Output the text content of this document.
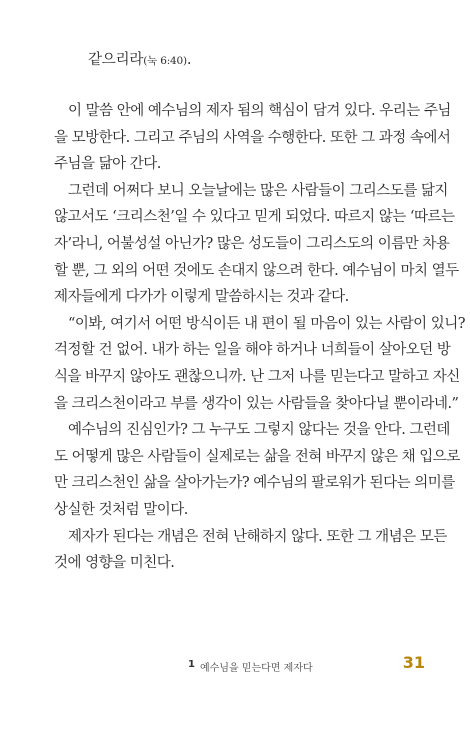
같으리라(눅 6:40).
이 말씀 안에 예수님의 제자 됨의 핵심이 담겨 있다. 우리는 주님
을 모방한다. 그리고 주님의 사역을 수행한다. 또한 그 과정 속에서
주님을 닮아 간다.
그런데 어쩌다 보니 오늘날에는 많은 사람들이 그리스도를 닮지
않고서도 ‘크리스천’일 수 있다고 믿게 되었다. 따르지 않는 ‘따르는
자’라니, 어불성설 아닌가? 많은 성도들이 그리스도의 이름만 차용
할 뿐, 그 외의 어떤 것에도 손대지 않으려 한다. 예수님이 마치 열두
제자들에게 다가가 이렇게 말씀하시는 것과 같다.
“이봐, 여기서 어떤 방식이든 내 편이 될 마음이 있는 사람이 있니?
걱정할 건 없어. 내가 하는 일을 해야 하거나 너희들이 살아오던 방
식을 바꾸지 않아도 괜찮으니까. 난 그저 나를 믿는다고 말하고 자신
을 크리스천이라고 부를 생각이 있는 사람들을 찾아다닐 뿐이라네.”
예수님의 진심인가? 그 누구도 그렇지 않다는 것을 안다. 그런데
도 어떻게 많은 사람들이 실제로는 삶을 전혀 바꾸지 않은 채 입으로
만 크리스천인 삶을 살아가는가? 예수님의 팔로워가 된다는 의미를
상실한 것처럼 말이다.
제자가 된다는 개념은 전혀 난해하지 않다. 또한 그 개념은 모든
것에 영향을 미친다.
1 예수님을 믿는다면 제자다	31
